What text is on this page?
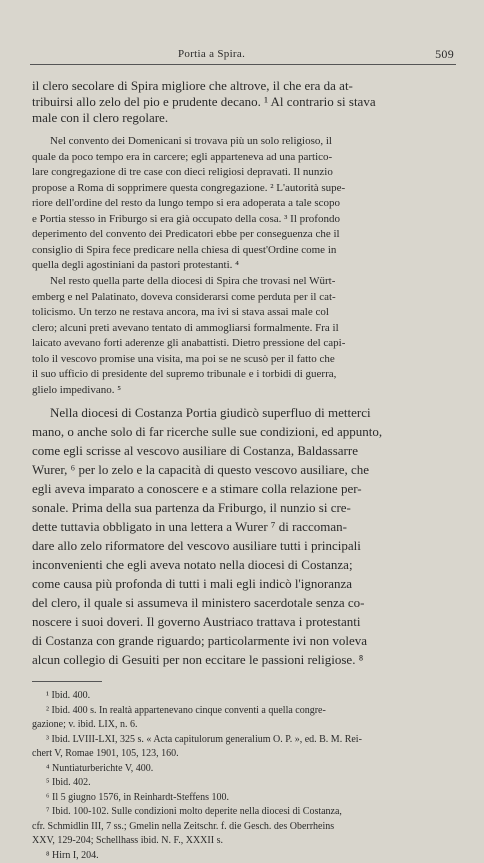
Portia a Spira.	509

il clero secolare di Spira migliore che altrove, il che era da at-

tribuirsi allo zelo del pio e prudente decano. ¹ Al contrario si stava

male con il clero regolare.

Nel convento dei Domenicani si trovava più un solo religioso, il

quale da poco tempo era in carcere; egli apparteneva ad una partico-

lare congregazione di tre case con dieci religiosi depravati. Il nunzio

propose a Roma di sopprimere questa congregazione. ² L'autorità supe-

riore dell'ordine del resto da lungo tempo si era adoperata a tale scopo

e Portia stesso in Friburgo si era già occupato della cosa. ³ Il profondo

deperimento del convento dei Predicatori ebbe per conseguenza che il

consiglio di Spira fece predicare nella chiesa di quest'Ordine come in

quella degli agostiniani da pastori protestanti. ⁴

Nel resto quella parte della diocesi di Spira che trovasi nel Würt-

emberg e nel Palatinato, doveva considerarsi come perduta per il cat-

tolicismo. Un terzo ne restava ancora, ma ivi si stava assai male col

clero; alcuni preti avevano tentato di ammogliarsi formalmente. Fra il

laicato avevano forti aderenze gli anabattisti. Dietro pressione del capi-

tolo il vescovo promise una visita, ma poi se ne scusò per il fatto che

il suo ufficio di presidente del supremo tribunale e i torbidi di guerra,

glielo impedivano. ⁵

Nella diocesi di Costanza Portia giudicò superfluo di metterci

mano, o anche solo di far ricerche sulle sue condizioni, ed appunto,

come egli scrisse al vescovo ausiliare di Costanza, Baldassarre

Wurer, ⁶ per lo zelo e la capacità di questo vescovo ausiliare, che

egli aveva imparato a conoscere e a stimare colla relazione per-

sonale. Prima della sua partenza da Friburgo, il nunzio si cre-

dette tuttavia obbligato in una lettera a Wurer ⁷ di raccoman-

dare allo zelo riformatore del vescovo ausiliare tutti i principali

inconvenienti che egli aveva notato nella diocesi di Costanza;

come causa più profonda di tutti i mali egli indicò l'ignoranza

del clero, il quale si assumeva il ministero sacerdotale senza co-

noscere i suoi doveri. Il governo Austriaco trattava i protestanti

di Costanza con grande riguardo; particolarmente ivi non voleva

alcun collegio di Gesuiti per non eccitare le passioni religiose. ⁸

¹ Ibid. 400.

² Ibid. 400 s. In realtà appartenevano cinque conventi a quella congre-

gazione; v. ibid. LIX, n. 6.

³ Ibid. LVIII-LXI, 325 s. « Acta capitulorum generalium O. P. », ed. B. M. Rei-

chert V, Romae 1901, 105, 123, 160.

⁴ Nuntiaturberichte V, 400.

⁵ Ibid. 402.

⁶ Il 5 giugno 1576, in Reinhardt-Steffens 100.

⁷ Ibid. 100-102. Sulle condizioni molto deperite nella diocesi di Costanza,

cfr. Schmidlin III, 7 ss.; Gmelin nella Zeitschr. f. die Gesch. des Oberrheins

XXV, 129-204; Schellhass ibid. N. F., XXXII s.

⁸ Hirn I, 204.
